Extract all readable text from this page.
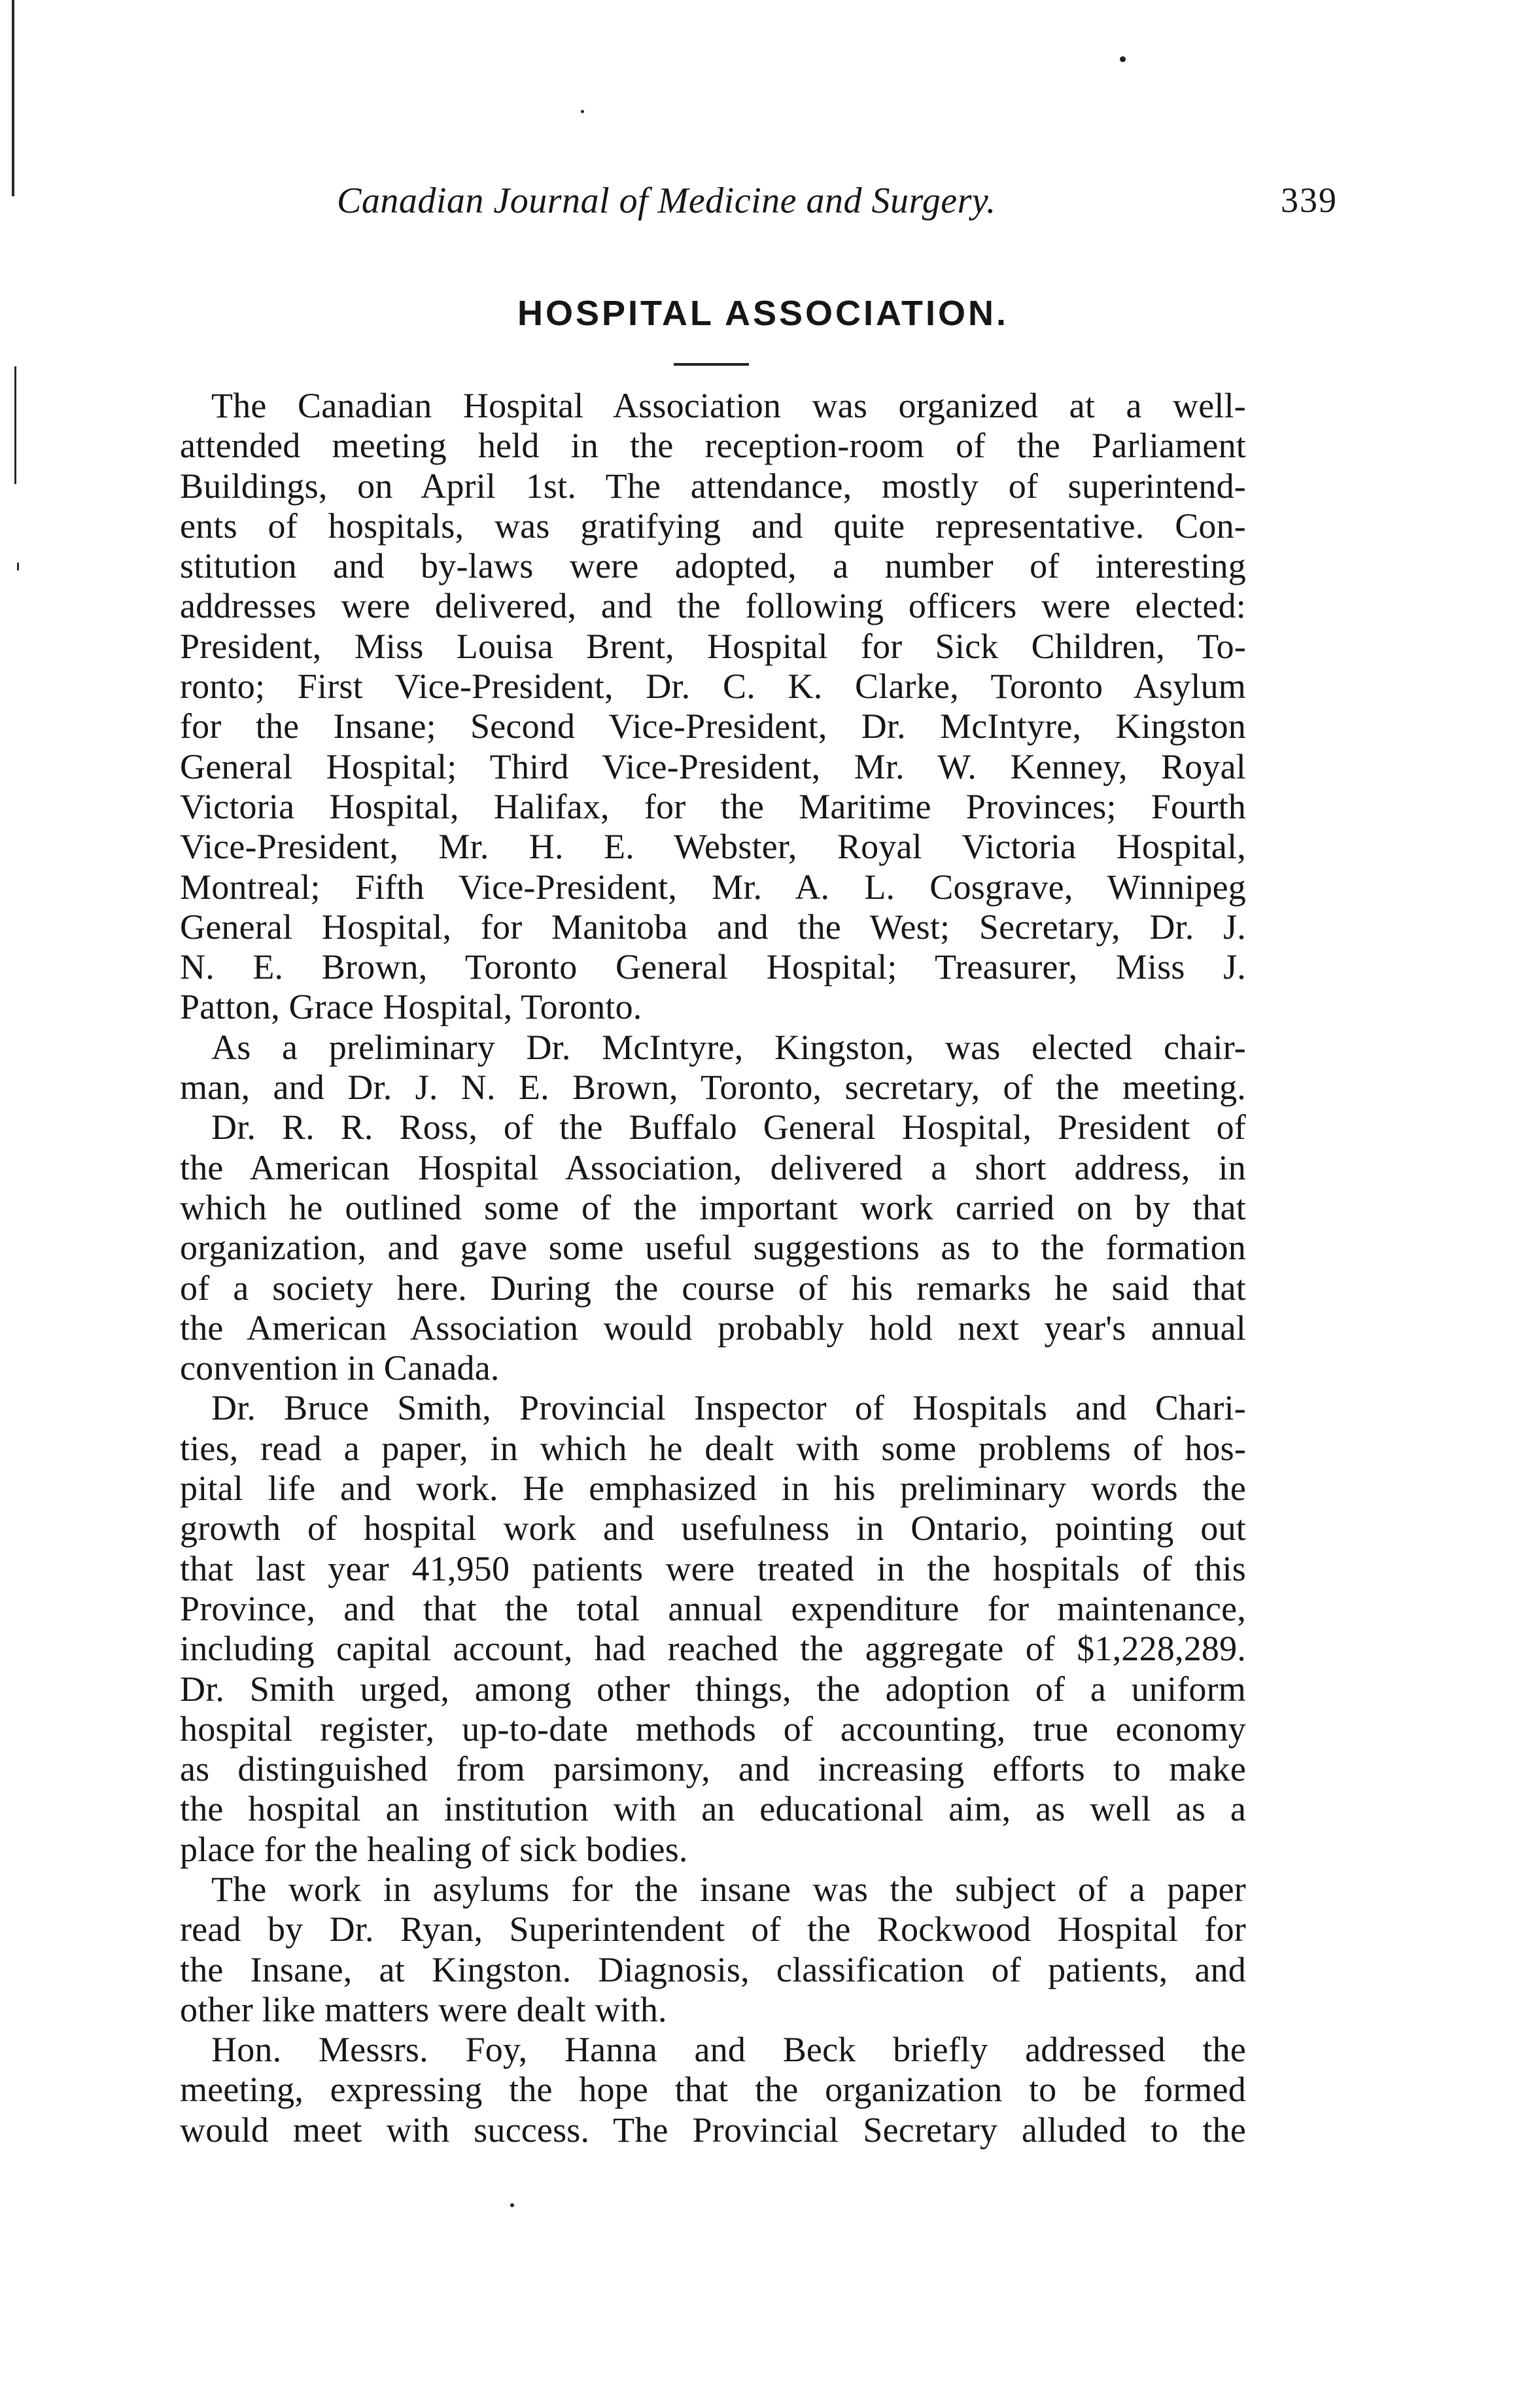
Canadian Journal of Medicine and Surgery.	339
HOSPITAL ASSOCIATION.
The Canadian Hospital Association was organized at a well-
attended meeting held in the reception-room of the Parliament
Buildings, on April 1st. The attendance, mostly of superintend-
ents of hospitals, was gratifying and quite representative. Con-
stitution and by-laws were adopted, a number of interesting
addresses were delivered, and the following officers were elected:
President, Miss Louisa Brent, Hospital for Sick Children, To-
ronto; First Vice-President, Dr. C. K. Clarke, Toronto Asylum
for the Insane; Second Vice-President, Dr. McIntyre, Kingston
General Hospital; Third Vice-President, Mr. W. Kenney, Royal
Victoria Hospital, Halifax, for the Maritime Provinces; Fourth
Vice-President, Mr. H. E. Webster, Royal Victoria Hospital,
Montreal; Fifth Vice-President, Mr. A. L. Cosgrave, Winnipeg
General Hospital, for Manitoba and the West; Secretary, Dr. J.
N. E. Brown, Toronto General Hospital; Treasurer, Miss J.
Patton, Grace Hospital, Toronto.
As a preliminary Dr. McIntyre, Kingston, was elected chair-
man, and Dr. J. N. E. Brown, Toronto, secretary, of the meeting.
Dr. R. R. Ross, of the Buffalo General Hospital, President of
the American Hospital Association, delivered a short address, in
which he outlined some of the important work carried on by that
organization, and gave some useful suggestions as to the formation
of a society here. During the course of his remarks he said that
the American Association would probably hold next year's annual
convention in Canada.
Dr. Bruce Smith, Provincial Inspector of Hospitals and Chari-
ties, read a paper, in which he dealt with some problems of hos-
pital life and work. He emphasized in his preliminary words the
growth of hospital work and usefulness in Ontario, pointing out
that last year 41,950 patients were treated in the hospitals of this
Province, and that the total annual expenditure for maintenance,
including capital account, had reached the aggregate of $1,228,289.
Dr. Smith urged, among other things, the adoption of a uniform
hospital register, up-to-date methods of accounting, true economy
as distinguished from parsimony, and increasing efforts to make
the hospital an institution with an educational aim, as well as a
place for the healing of sick bodies.
The work in asylums for the insane was the subject of a paper
read by Dr. Ryan, Superintendent of the Rockwood Hospital for
the Insane, at Kingston. Diagnosis, classification of patients, and
other like matters were dealt with.
Hon. Messrs. Foy, Hanna and Beck briefly addressed the
meeting, expressing the hope that the organization to be formed
would meet with success. The Provincial Secretary alluded to the
